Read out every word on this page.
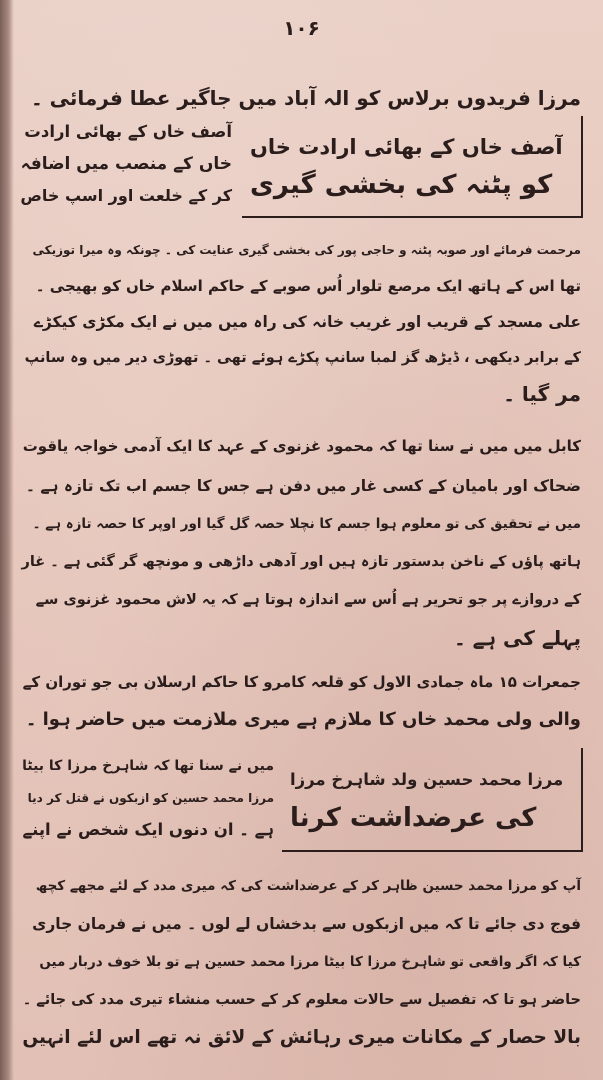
۱۰۶
مرزا فریدوں برلاس کو الہ آباد میں جاگیر عطا فرمائی ۔
آصف خاں کے بھائی ارادت خاں
کو پٹنہ کی بخشی گیری
آصف خاں کے بھائی ارادت
خاں کے منصب میں اضافہ
کر کے خلعت اور اسپ خاص
مرحمت فرمائے اور صوبہ پٹنہ و حاجی پور کی بخشی گیری عنایت کی ۔ چونکہ وہ میرا توزیکی
تھا اس کے ہاتھ ایک مرصع تلوار اُس صوبے کے حاکم اسلام خاں کو بھیجی ۔
علی مسجد کے قریب اور غریب خانہ کی راہ میں میں نے ایک مکڑی کیکڑے
کے برابر دیکھی ، ڈیڑھ گز لمبا سانپ پکڑے ہوئے تھی ۔ تھوڑی دیر میں وہ سانپ
مر گیا ۔
کابل میں میں نے سنا تھا کہ محمود غزنوی کے عہد کا ایک آدمی خواجہ یاقوت
ضحاک اور بامیان کے کسی غار میں دفن ہے جس کا جسم اب تک تازہ ہے ۔
میں نے تحقیق کی تو معلوم ہوا جسم کا نچلا حصہ گل گیا اور اوپر کا حصہ تازہ ہے ۔
ہاتھ پاؤں کے ناخن بدستور تازہ ہیں اور آدھی داڑھی و مونچھ گر گئی ہے ۔ غار
کے دروازے پر جو تحریر ہے اُس سے اندازہ ہوتا ہے کہ یہ لاش محمود غزنوی سے
پہلے کی ہے ۔
جمعرات ۱۵ ماہ جمادی الاول کو قلعہ کامرو کا حاکم ارسلان بی جو توران کے
والی ولی محمد خاں کا ملازم ہے میری ملازمت میں حاضر ہوا ۔
مرزا محمد حسین ولد شاہرخ مرزا
کی عرضداشت کرنا
میں نے سنا تھا کہ شاہرخ مرزا کا بیٹا
مرزا محمد حسین کو ازبکوں نے قتل کر دیا
ہے ۔ ان دنوں ایک شخص نے اپنے
آپ کو مرزا محمد حسین ظاہر کر کے عرضداشت کی کہ میری مدد کے لئے مجھے کچھ
فوج دی جائے تا کہ میں ازبکوں سے بدخشاں لے لوں ۔ میں نے فرمان جاری
کیا کہ اگر واقعی تو شاہرخ مرزا کا بیٹا مرزا محمد حسین ہے تو بلا خوف دربار میں
حاضر ہو تا کہ تفصیل سے حالات معلوم کر کے حسب منشاء تیری مدد کی جائے ۔
بالا حصار کے مکانات میری رہائش کے لائق نہ تھے اس لئے انہیں
